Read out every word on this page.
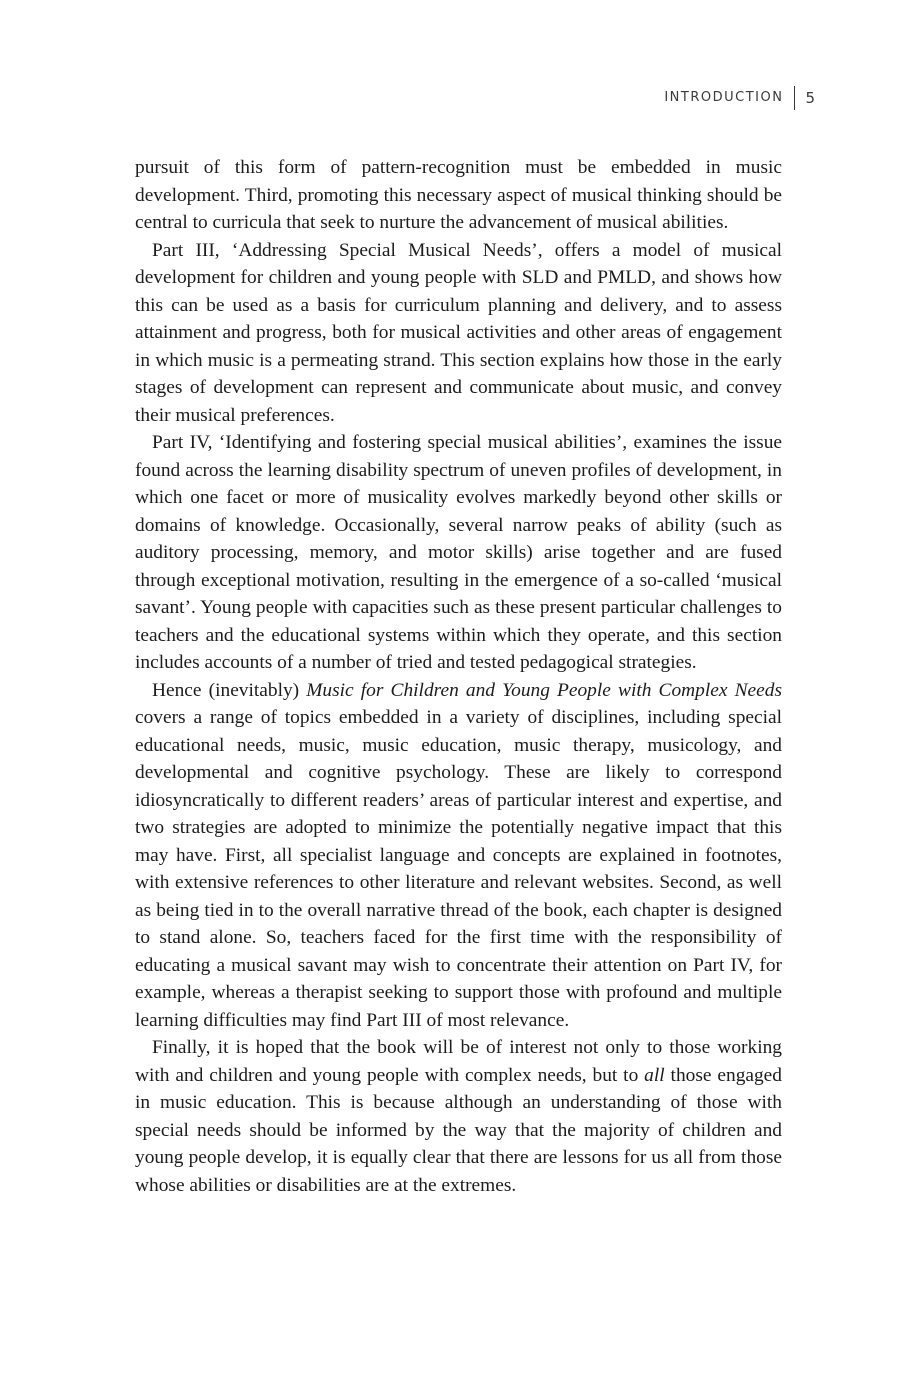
INTRODUCTION	5

pursuit of this form of pattern-recognition must be embedded in music development. Third, promoting this necessary aspect of musical thinking should be central to curricula that seek to nurture the advancement of musical abilities.

Part III, ‘Addressing Special Musical Needs’, offers a model of musical development for children and young people with SLD and PMLD, and shows how this can be used as a basis for curriculum planning and delivery, and to assess attainment and progress, both for musical activities and other areas of engagement in which music is a permeating strand. This section explains how those in the early stages of development can represent and communicate about music, and convey their musical preferences.

Part IV, ‘Identifying and fostering special musical abilities’, examines the issue found across the learning disability spectrum of uneven profiles of development, in which one facet or more of musicality evolves markedly beyond other skills or domains of knowledge. Occasionally, several narrow peaks of ability (such as auditory processing, memory, and motor skills) arise together and are fused through exceptional motivation, resulting in the emergence of a so-called ‘musical savant’. Young people with capacities such as these present particular challenges to teachers and the educational systems within which they operate, and this section includes accounts of a number of tried and tested pedagogical strategies.

Hence (inevitably) Music for Children and Young People with Complex Needs covers a range of topics embedded in a variety of disciplines, including special educational needs, music, music education, music therapy, musicology, and developmental and cognitive psychology. These are likely to correspond idiosyncratically to different readers’ areas of particular interest and expertise, and two strategies are adopted to minimize the potentially negative impact that this may have. First, all specialist language and concepts are explained in footnotes, with extensive references to other literature and relevant websites. Second, as well as being tied in to the overall narrative thread of the book, each chapter is designed to stand alone. So, teachers faced for the first time with the responsibility of educating a musical savant may wish to concentrate their attention on Part IV, for example, whereas a therapist seeking to support those with profound and multiple learning difficulties may find Part III of most relevance.

Finally, it is hoped that the book will be of interest not only to those working with and children and young people with complex needs, but to all those engaged in music education. This is because although an understanding of those with special needs should be informed by the way that the majority of children and young people develop, it is equally clear that there are lessons for us all from those whose abilities or disabilities are at the extremes.
